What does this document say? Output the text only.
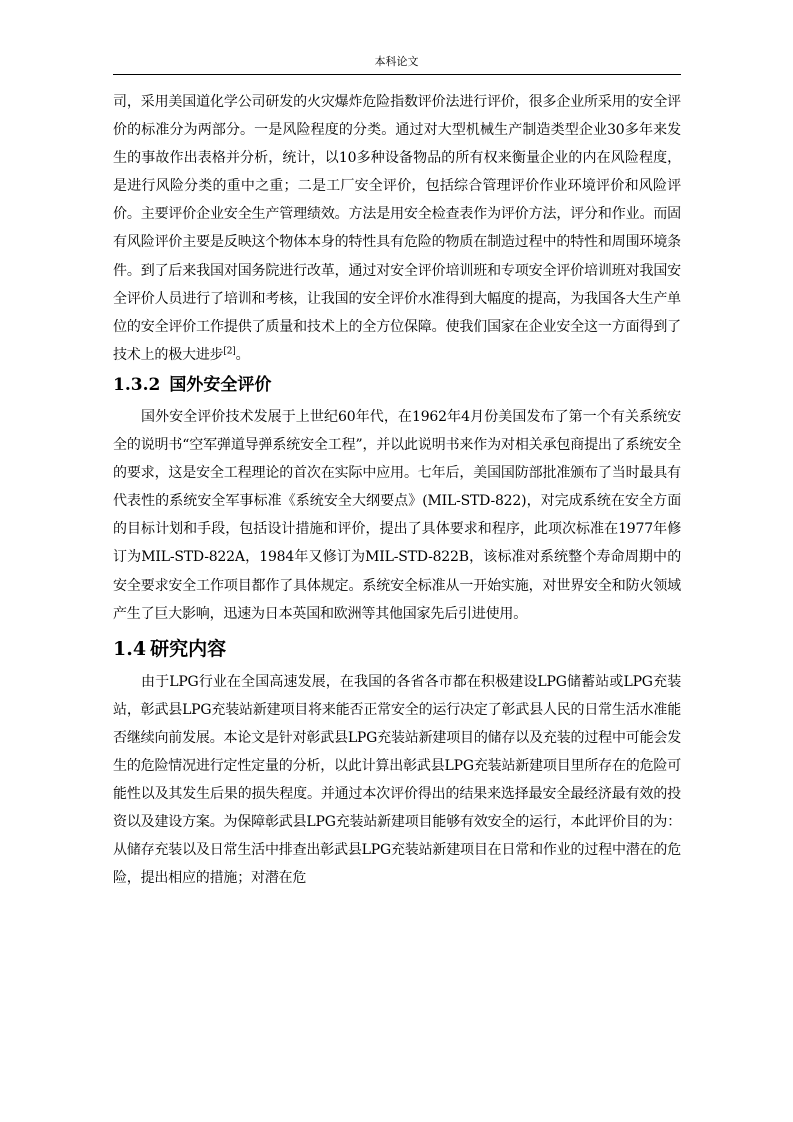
本科论文

司，采用美国道化学公司研发的火灾爆炸危险指数评价法进行评价，很多企业所采用的安全评价的标准分为两部分。一是风险程度的分类。通过对大型机械生产制造类型企业30多年来发生的事故作出表格并分析，统计，以10多种设备物品的所有权来衡量企业的内在风险程度，是进行风险分类的重中之重；二是工厂安全评价，包括综合管理评价作业环境评价和风险评价。主要评价企业安全生产管理绩效。方法是用安全检查表作为评价方法，评分和作业。而固有风险评价主要是反映这个物体本身的特性具有危险的物质在制造过程中的特性和周围环境条件。到了后来我国对国务院进行改革，通过对安全评价培训班和专项安全评价培训班对我国安全评价人员进行了培训和考核，让我国的安全评价水准得到大幅度的提高，为我国各大生产单位的安全评价工作提供了质量和技术上的全方位保障。使我们国家在企业安全这一方面得到了技术上的极大进步[2]。

1.3.2 国外安全评价

国外安全评价技术发展于上世纪60年代，在1962年4月份美国发布了第一个有关系统安全的说明书“空军弹道导弹系统安全工程”，并以此说明书来作为对相关承包商提出了系统安全的要求，这是安全工程理论的首次在实际中应用。七年后，美国国防部批准颁布了当时最具有代表性的系统安全军事标准《系统安全大纲要点》(MIL-STD-822)，对完成系统在安全方面的目标计划和手段，包括设计措施和评价，提出了具体要求和程序，此项次标准在1977年修订为MIL-STD-822A，1984年又修订为MIL-STD-822B，该标准对系统整个寿命周期中的安全要求安全工作项目都作了具体规定。系统安全标准从一开始实施，对世界安全和防火领域产生了巨大影响，迅速为日本英国和欧洲等其他国家先后引进使用。

1.4 研究内容

由于LPG行业在全国高速发展，在我国的各省各市都在积极建设LPG储蓄站或LPG充装站，彰武县LPG充装站新建项目将来能否正常安全的运行决定了彰武县人民的日常生活水准能否继续向前发展。本论文是针对彰武县LPG充装站新建项目的储存以及充装的过程中可能会发生的危险情况进行定性定量的分析，以此计算出彰武县LPG充装站新建项目里所存在的危险可能性以及其发生后果的损失程度。并通过本次评价得出的结果来选择最安全最经济最有效的投资以及建设方案。为保障彰武县LPG充装站新建项目能够有效安全的运行，本此评价目的为：从储存充装以及日常生活中排查出彰武县LPG充装站新建项目在日常和作业的过程中潜在的危险，提出相应的措施；对潜在危
